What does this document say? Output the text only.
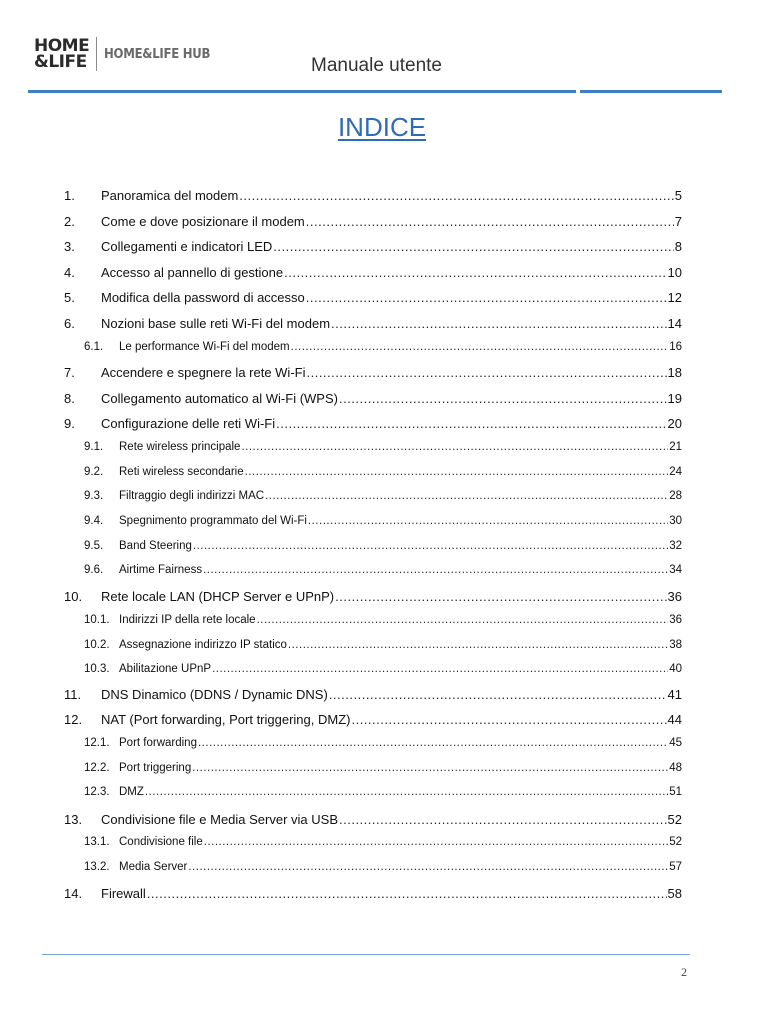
HOME
&LIFE HOME&LIFE HUB
Manuale utente
INDICE
1.	Panoramica del modem .....	5
2.	Come e dove posizionare il modem .....	7
3.	Collegamenti e indicatori LED .....	8
4.	Accesso al pannello di gestione .....	10
5.	Modifica della password di accesso .....	12
6.	Nozioni base sulle reti Wi-Fi del modem .....	14
6.1.	Le performance Wi-Fi del modem .....	16
7.	Accendere e spegnere la rete Wi-Fi .....	18
8.	Collegamento automatico al Wi-Fi (WPS) .....	19
9.	Configurazione delle reti Wi-Fi .....	20
9.1.	Rete wireless principale .....	21
9.2.	Reti wireless secondarie .....	24
9.3.	Filtraggio degli indirizzi MAC .....	28
9.4.	Spegnimento programmato del Wi-Fi .....	30
9.5.	Band Steering .....	32
9.6.	Airtime Fairness .....	34
10.	Rete locale LAN (DHCP Server e UPnP) .....	36
10.1. Indirizzi IP della rete locale .....	36
10.2. Assegnazione indirizzo IP statico .....	38
10.3. Abilitazione UPnP .....	40
11.	DNS Dinamico (DDNS / Dynamic DNS) .....	41
12.	NAT (Port forwarding, Port triggering, DMZ) .....	44
12.1. Port forwarding .....	45
12.2. Port triggering .....	48
12.3. DMZ .....	51
13.	Condivisione file e Media Server via USB .....	52
13.1. Condivisione file .....	52
13.2. Media Server .....	57
14.	Firewall .....	58
2
